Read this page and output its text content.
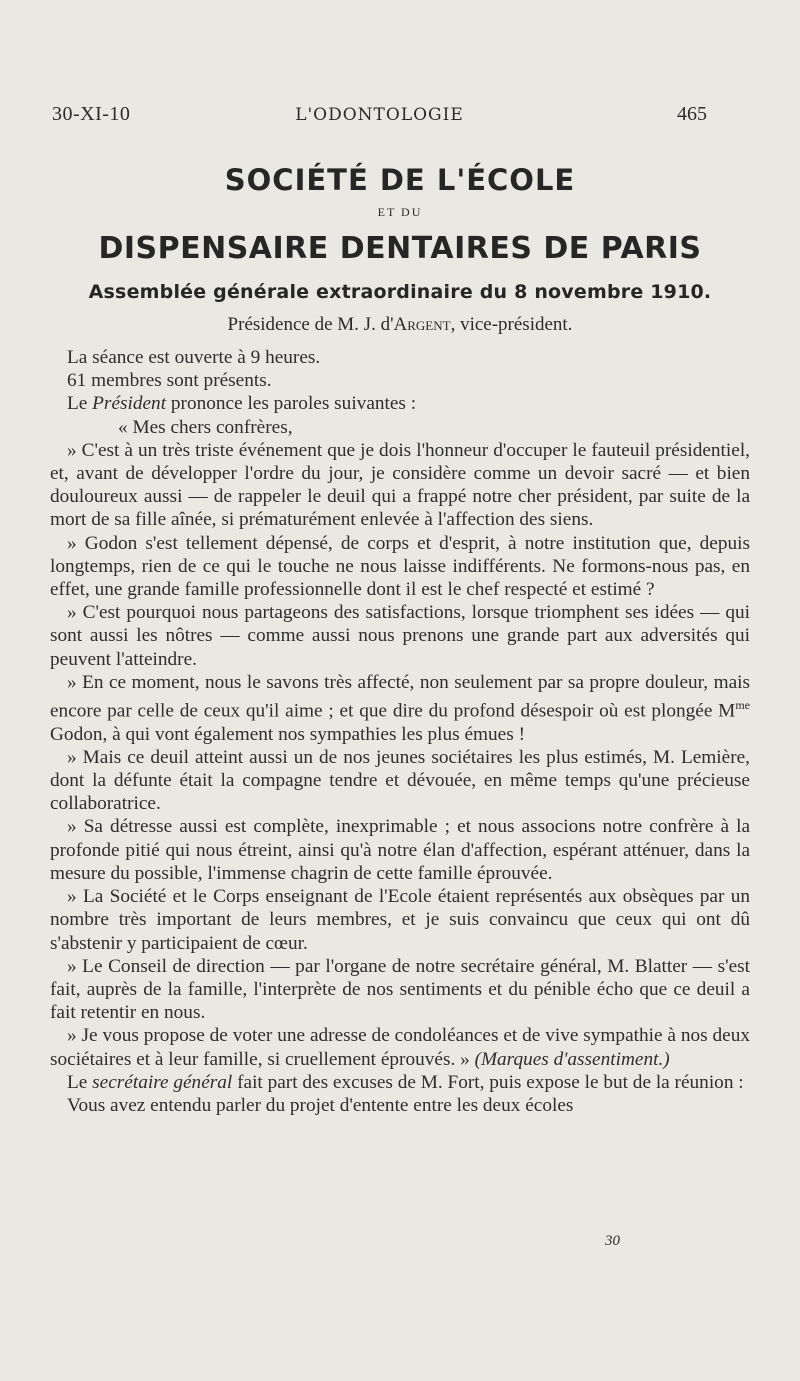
30-XI-10	L'ODONTOLOGIE	465
SOCIÉTÉ DE L'ÉCOLE
ET DU
DISPENSAIRE DENTAIRES DE PARIS
Assemblée générale extraordinaire du 8 novembre 1910.
Présidence de M. J. d'Argent, vice-président.

La séance est ouverte à 9 heures.

61 membres sont présents.

Le Président prononce les paroles suivantes :

« Mes chers confrères,

» C'est à un très triste événement que je dois l'honneur d'occuper le fauteuil présidentiel, et, avant de développer l'ordre du jour, je considère comme un devoir sacré — et bien douloureux aussi — de rappeler le deuil qui a frappé notre cher président, par suite de la mort de sa fille aînée, si prématurément enlevée à l'affection des siens.

» Godon s'est tellement dépensé, de corps et d'esprit, à notre institution que, depuis longtemps, rien de ce qui le touche ne nous laisse indifférents. Ne formons-nous pas, en effet, une grande famille professionnelle dont il est le chef respecté et estimé ?

» C'est pourquoi nous partageons des satisfactions, lorsque triomphent ses idées — qui sont aussi les nôtres — comme aussi nous prenons une grande part aux adversités qui peuvent l'atteindre.

» En ce moment, nous le savons très affecté, non seulement par sa propre douleur, mais encore par celle de ceux qu'il aime ; et que dire du profond désespoir où est plongée $M^{me}$ Godon, à qui vont également nos sympathies les plus émues !

» Mais ce deuil atteint aussi un de nos jeunes sociétaires les plus estimés, M. Lemière, dont la défunte était la compagne tendre et dévouée, en même temps qu'une précieuse collaboratrice.

» Sa détresse aussi est complète, inexprimable ; et nous associons notre confrère à la profonde pitié qui nous étreint, ainsi qu'à notre élan d'affection, espérant atténuer, dans la mesure du possible, l'immense chagrin de cette famille éprouvée.

» La Société et le Corps enseignant de l'Ecole étaient représentés aux obsèques par un nombre très important de leurs membres, et je suis convaincu que ceux qui ont dû s'abstenir y participaient de cœur.

» Le Conseil de direction — par l'organe de notre secrétaire général, M. Blatter — s'est fait, auprès de la famille, l'interprète de nos sentiments et du pénible écho que ce deuil a fait retentir en nous.

» Je vous propose de voter une adresse de condoléances et de vive sympathie à nos deux sociétaires et à leur famille, si cruellement éprouvés. » (Marques d'assentiment.)

Le secrétaire général fait part des excuses de M. Fort, puis expose le but de la réunion :

Vous avez entendu parler du projet d'entente entre les deux écoles

30
